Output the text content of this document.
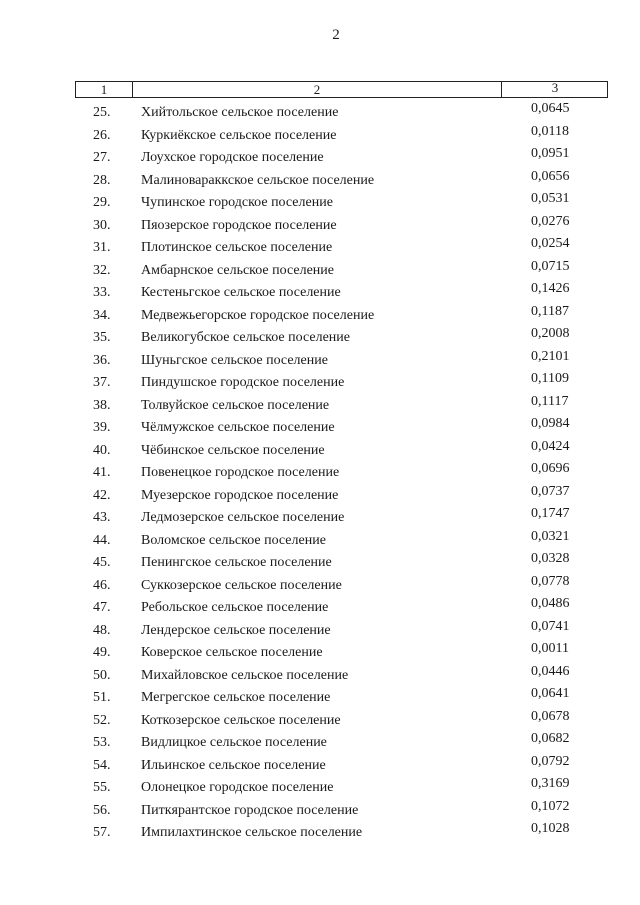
2
1	2	3
25. Хийтольское сельское поселение	0,0645
26. Куркиёкское сельское поселение	0,0118
27. Лоухское городское поселение	0,0951
28. Малиновараккское сельское поселение	0,0656
29. Чупинское городское поселение	0,0531
30. Пяозерское городское поселение	0,0276
31. Плотинское сельское поселение	0,0254
32. Амбарнское сельское поселение	0,0715
33. Кестеньгское сельское поселение	0,1426
34. Медвежьегорское городское поселение	0,1187
35. Великогубское сельское поселение	0,2008
36. Шуньгское сельское поселение	0,2101
37. Пиндушское городское поселение	0,1109
38. Толвуйское сельское поселение	0,1117
39. Чёлмужское сельское поселение	0,0984
40. Чёбинское сельское поселение	0,0424
41. Повенецкое городское поселение	0,0696
42. Муезерское городское поселение	0,0737
43. Ледмозерское сельское поселение	0,1747
44. Воломское сельское поселение	0,0321
45. Пенингское сельское поселение	0,0328
46. Суккозерское сельское поселение	0,0778
47. Ребольское сельское поселение	0,0486
48. Лендерское сельское поселение	0,0741
49. Коверское сельское поселение	0,0011
50. Михайловское сельское поселение	0,0446
51. Мегрегское сельское поселение	0,0641
52. Коткозерское сельское поселение	0,0678
53. Видлицкое сельское поселение	0,0682
54. Ильинское сельское поселение	0,0792
55. Олонецкое городское поселение	0,3169
56. Питкярантское городское поселение	0,1072
57. Импилахтинское сельское поселение	0,1028
